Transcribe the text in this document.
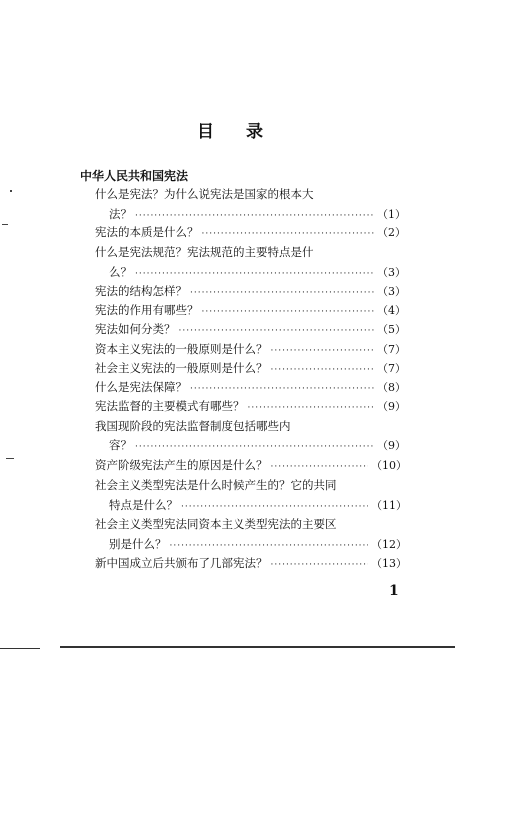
目 录
中华人民共和国宪法
什么是宪法？为什么说宪法是国家的根本大
法？ ·····	（1）
宪法的本质是什么？ ·····	（2）
什么是宪法规范？宪法规范的主要特点是什
么？ ·····	（3）
宪法的结构怎样？ ·····	（3）
宪法的作用有哪些？ ·····	（4）
宪法如何分类？ ·····	（5）
资本主义宪法的一般原则是什么？ ·····	（7）
社会主义宪法的一般原则是什么？ ·····	（7）
什么是宪法保障？ ·····	（8）
宪法监督的主要模式有哪些？ ·····	（9）
我国现阶段的宪法监督制度包括哪些内
容？ ·····	（9）
资产阶级宪法产生的原因是什么？ ·····	（10）
社会主义类型宪法是什么时候产生的？它的共同
特点是什么？ ·····	（11）
社会主义类型宪法同资本主义类型宪法的主要区
别是什么？ ·····	（12）
新中国成立后共颁布了几部宪法？ ·····	（13）
1
